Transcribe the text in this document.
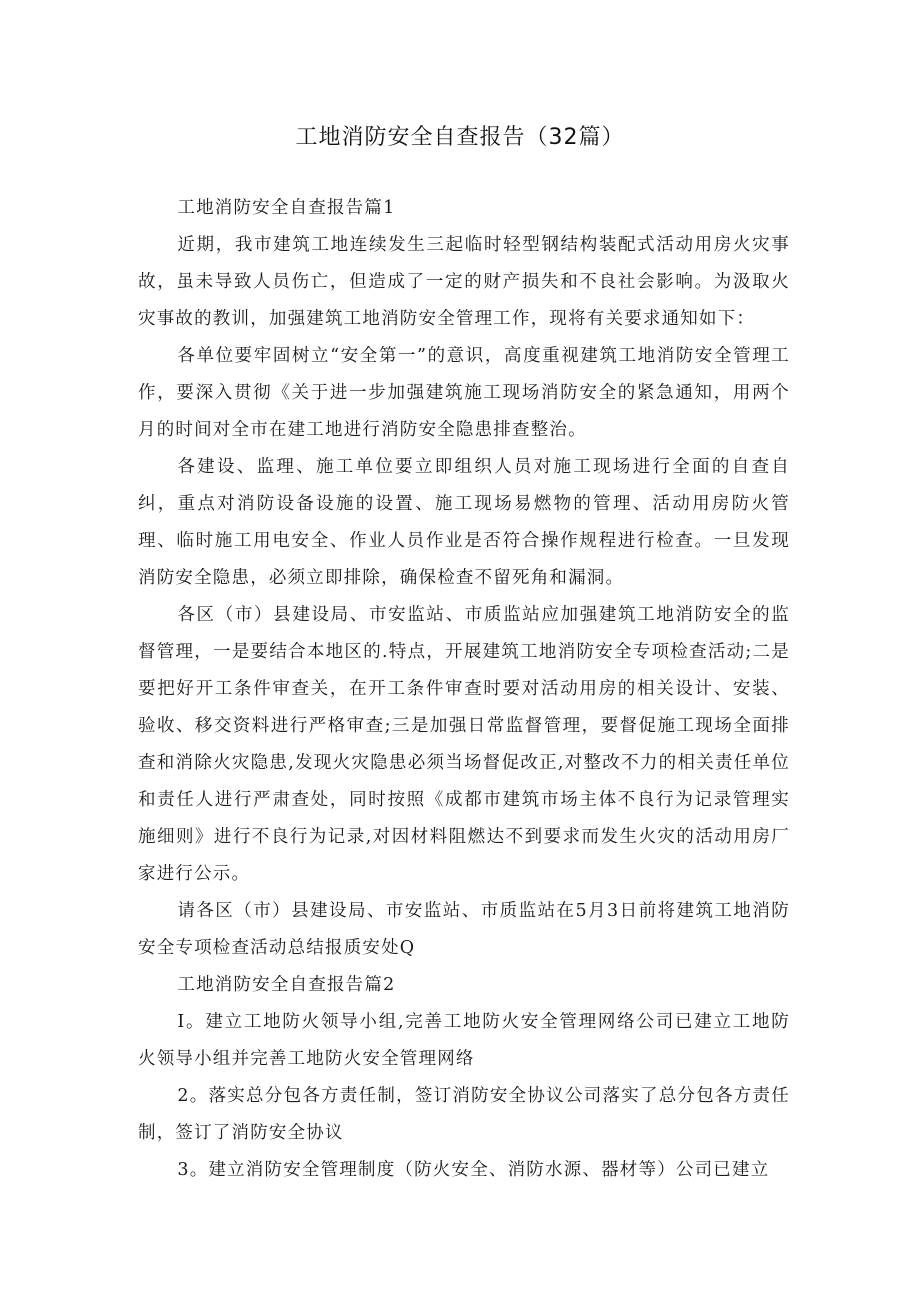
工地消防安全自查报告（32篇）

工地消防安全自查报告篇1

近期，我市建筑工地连续发生三起临时轻型钢结构装配式活动用房火灾事故，虽未导致人员伤亡，但造成了一定的财产损失和不良社会影响。为汲取火灾事故的教训，加强建筑工地消防安全管理工作，现将有关要求通知如下：

各单位要牢固树立“安全第一”的意识，高度重视建筑工地消防安全管理工作，要深入贯彻《关于进一步加强建筑施工现场消防安全的紧急通知，用两个月的时间对全市在建工地进行消防安全隐患排查整治。

各建设、监理、施工单位要立即组织人员对施工现场进行全面的自查自纠，重点对消防设备设施的设置、施工现场易燃物的管理、活动用房防火管理、临时施工用电安全、作业人员作业是否符合操作规程进行检查。一旦发现消防安全隐患，必须立即排除，确保检查不留死角和漏洞。

各区（市）县建设局、市安监站、市质监站应加强建筑工地消防安全的监督管理，一是要结合本地区的.特点，开展建筑工地消防安全专项检查活动;二是要把好开工条件审查关，在开工条件审查时要对活动用房的相关设计、安装、验收、移交资料进行严格审查;三是加强日常监督管理，要督促施工现场全面排查和消除火灾隐患,发现火灾隐患必须当场督促改正,对整改不力的相关责任单位和责任人进行严肃查处，同时按照《成都市建筑市场主体不良行为记录管理实施细则》进行不良行为记录,对因材料阻燃达不到要求而发生火灾的活动用房厂家进行公示。

请各区（市）县建设局、市安监站、市质监站在5月3日前将建筑工地消防安全专项检查活动总结报质安处Q

工地消防安全自查报告篇2

I。建立工地防火领导小组,完善工地防火安全管理网络公司已建立工地防火领导小组并完善工地防火安全管理网络

2。落实总分包各方责任制，签订消防安全协议公司落实了总分包各方责任制，签订了消防安全协议

3。建立消防安全管理制度（防火安全、消防水源、器材等）公司已建立
